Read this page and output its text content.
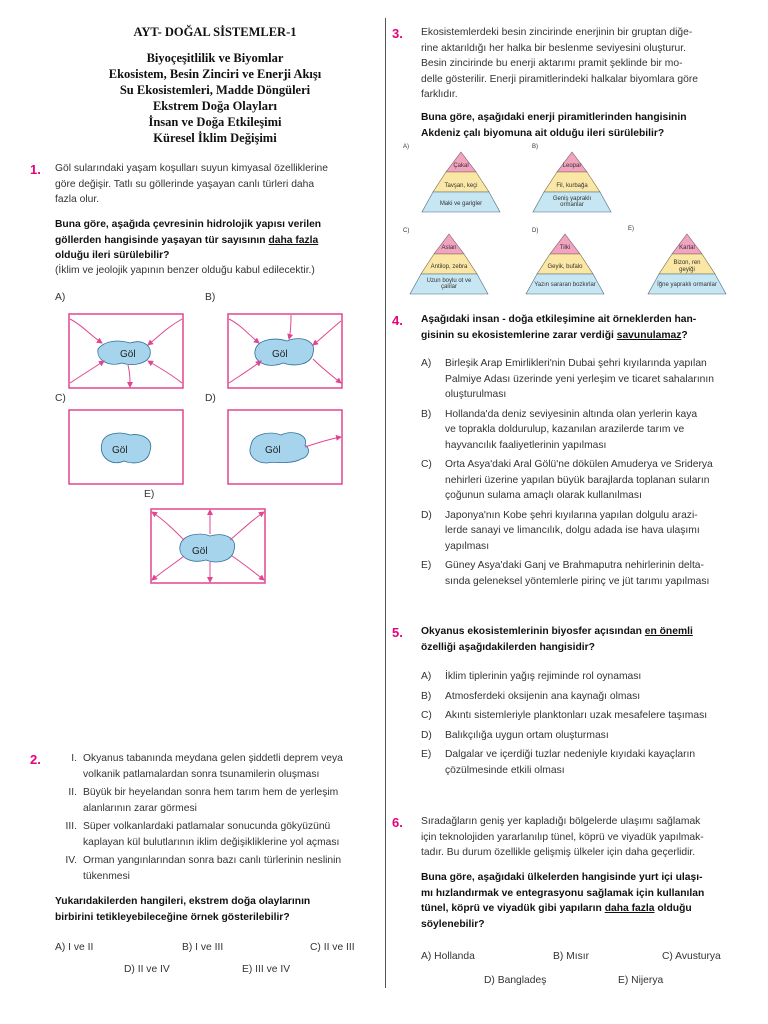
AYT- DOĞAL SİSTEMLER-1
Biyoçeşitlilik ve Biyomlar
Ekosistem, Besin Zinciri ve Enerji Akışı
Su Ekosistemleri, Madde Döngüleri
Ekstrem Doğa Olayları
İnsan ve Doğa Etkileşimi
Küresel İklim Değişimi
1. Göl sularındaki yaşam koşulları suyun kimyasal özelliklerine
göre değişir. Tatlı su göllerinde yaşayan canlı türleri daha
fazla olur.
Buna göre, aşağıda çevresinin hidrolojik yapısı verilen
göllerden hangisinde yaşayan tür sayısının daha fazla
olduğu ileri sürülebilir?
(İklim ve jeolojik yapının benzer olduğu kabul edilecektir.)
A)	B)
C)	D)
E)
Göl	Göl
Göl	Göl
Göl
2.	I. Okyanus tabanında meydana gelen şiddetli deprem veya
volkanik patlamalardan sonra tsunamilerin oluşması
II. Büyük bir heyelandan sonra hem tarım hem de yerleşim
alanlarının zarar görmesi
III. Süper volkanlardaki patlamalar sonucunda gökyüzünü
kaplayan kül bulutlarının iklim değişikliklerine yol açması
IV. Orman yangınlarından sonra bazı canlı türlerinin neslinin
tükenmesi
Yukarıdakilerden hangileri, ekstrem doğa olaylarının
birbirini tetikleyebileceğine örnek gösterilebilir?
A) I ve II	B) I ve III	C) II ve III
D) II ve IV	E) III ve IV
3. Ekosistemlerdeki besin zincirinde enerjinin bir gruptan diğe-
rine aktarıldığı her halka bir beslenme seviyesini oluşturur.
Besin zincirinde bu enerji aktarımı pramit şeklinde bir mo-
delle gösterilir. Enerji piramitlerindeki halkalar biyomlara göre
farklıdır.
Buna göre, aşağıdaki enerji piramitlerinden hangisinin
Akdeniz çalı biyomuna ait olduğu ileri sürülebilir?
A)
Çakal
Tavşan, keçi
Maki ve garigler
B)
Leopar
Fil, kurbağa
Geniş yapraklı ormanlar
C)
Aslan
Antilop, zebra
Uzun boylu ot ve çalılar
D)
Tilki
Geyik, bufalo
Yazın sararan bozkırlar
E)
Kartal
Bizon, ren geyiği
İğne yapraklı ormanlar
4. Aşağıdaki insan - doğa etkileşimine ait örneklerden han-
gisinin su ekosistemlerine zarar verdiği savunulamaz?
A)	Birleşik Arap Emirlikleri'nin Dubai şehri kıyılarında yapılan
Palmiye Adası üzerinde yeni yerleşim ve ticaret sahalarının
oluşturulması
B)	Hollanda'da deniz seviyesinin altında olan yerlerin kaya
ve toprakla doldurulup, kazanılan arazilerde tarım ve
hayvancılık faaliyetlerinin yapılması
C)	Orta Asya'daki Aral Gölü'ne dökülen Amuderya ve Sriderya
nehirleri üzerine yapılan büyük barajlarda toplanan suların
çoğunun sulama amaçlı olarak kullanılması
D)	Japonya'nın Kobe şehri kıyılarına yapılan dolgulu arazi-
lerde sanayi ve limancılık, dolgu adada ise hava ulaşımı
yapılması
E)	Güney Asya'daki Ganj ve Brahmaputra nehirlerinin delta-
sında geleneksel yöntemlerle pirinç ve jüt tarımı yapılması
5. Okyanus ekosistemlerinin biyosfer açısından en önemli
özelliği aşağıdakilerden hangisidir?
A)	İklim tiplerinin yağış rejiminde rol oynaması
B)	Atmosferdeki oksijenin ana kaynağı olması
C)	Akıntı sistemleriyle planktonları uzak mesafelere taşıması
D)	Balıkçılığa uygun ortam oluşturması
E)	Dalgalar ve içerdiği tuzlar nedeniyle kıyıdaki kayaçların
çözülmesinde etkili olması
6. Sıradağların geniş yer kapladığı bölgelerde ulaşımı sağlamak
için teknolojiden yararlanılıp tünel, köprü ve viyadük yapılmak-
tadır. Bu durum özellikle gelişmiş ülkeler için daha geçerlidir.
Buna göre, aşağıdaki ülkelerden hangisinde yurt içi ulaşı-
mı hızlandırmak ve entegrasyonu sağlamak için kullanılan
tünel, köprü ve viyadük gibi yapıların daha fazla olduğu
söylenebilir?
A) Hollanda	B) Mısır	C) Avusturya
D) Bangladeş	E) Nijerya
